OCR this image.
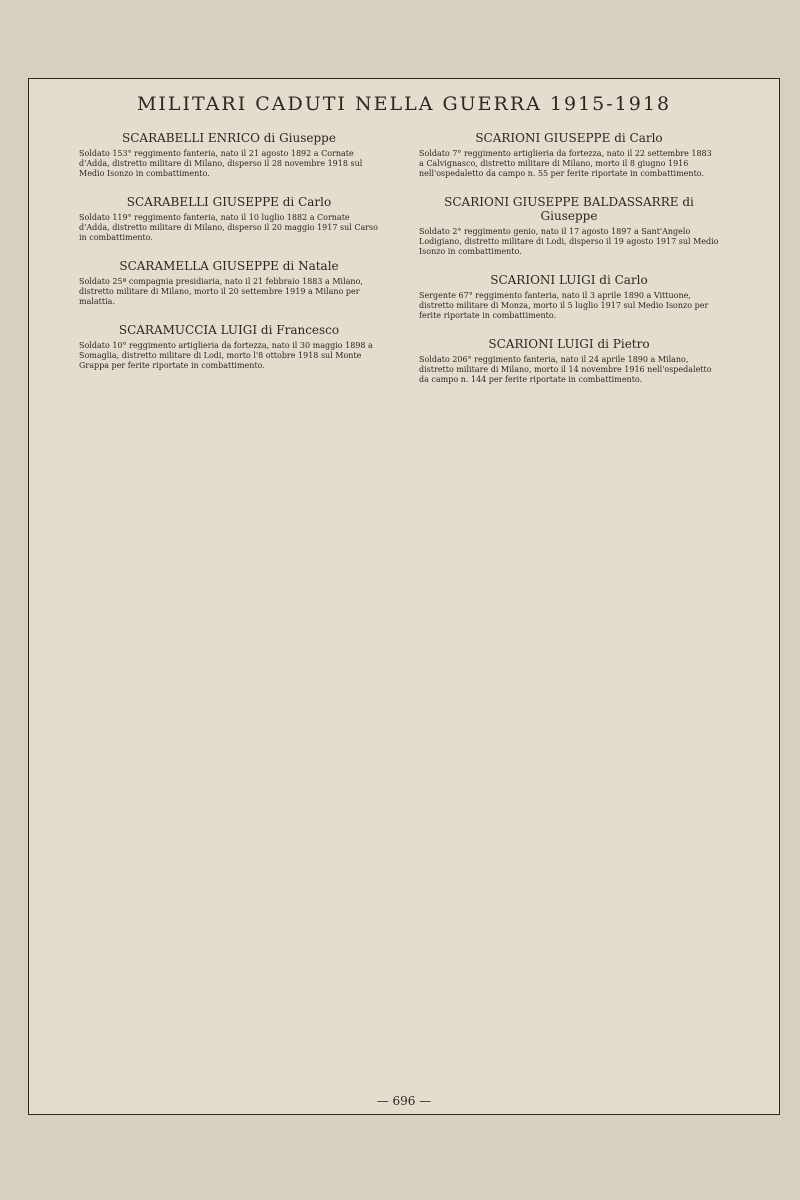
MILITARI CADUTI NELLA GUERRA 1915-1918
SCARABELLI ENRICO di Giuseppe
Soldato 153° reggimento fanteria, nato il 21 agosto 1892 a Cornate d'Adda, distretto militare di Milano, disperso il 28 novembre 1918 sul Medio Isonzo in combattimento.
SCARABELLI GIUSEPPE di Carlo
Soldato 119° reggimento fanteria, nato il 10 luglio 1882 a Cornate d'Adda, distretto militare di Milano, disperso il 20 maggio 1917 sul Carso in combattimento.
SCARAMELLA GIUSEPPE di Natale
Soldato 25ª compagnia presidiaria, nato il 21 febbraio 1883 a Milano, distretto militare di Milano, morto il 20 settembre 1919 a Milano per malattia.
SCARAMUCCIA LUIGI di Francesco
Soldato 10° reggimento artiglieria da fortezza, nato il 30 maggio 1898 a Somaglia, distretto militare di Lodi, morto l'8 ottobre 1918 sul Monte Grappa per ferite riportate in combattimento.
SCARIONI GIUSEPPE di Carlo
Soldato 7° reggimento artiglieria da fortezza, nato il 22 settembre 1883 a Calvignasco, distretto militare di Milano, morto il 8 giugno 1916 nell'ospedaletto da campo n. 55 per ferite riportate in combattimento.
SCARIONI GIUSEPPE BALDASSARRE di Giuseppe
Soldato 2° reggimento genio, nato il 17 agosto 1897 a Sant'Angelo Lodigiano, distretto militare di Lodi, disperso il 19 agosto 1917 sul Medio Isonzo in combattimento.
SCARIONI LUIGI di Carlo
Sergente 67° reggimento fanteria, nato il 3 aprile 1890 a Vittuone, distretto militare di Monza, morto il 5 luglio 1917 sul Medio Isonzo per ferite riportate in combattimento.
SCARIONI LUIGI di Pietro
Soldato 206° reggimento fanteria, nato il 24 aprile 1890 a Milano, distretto militare di Milano, morto il 14 novembre 1916 nell'ospedaletto da campo n. 144 per ferite riportate in combattimento.
— 696 —
